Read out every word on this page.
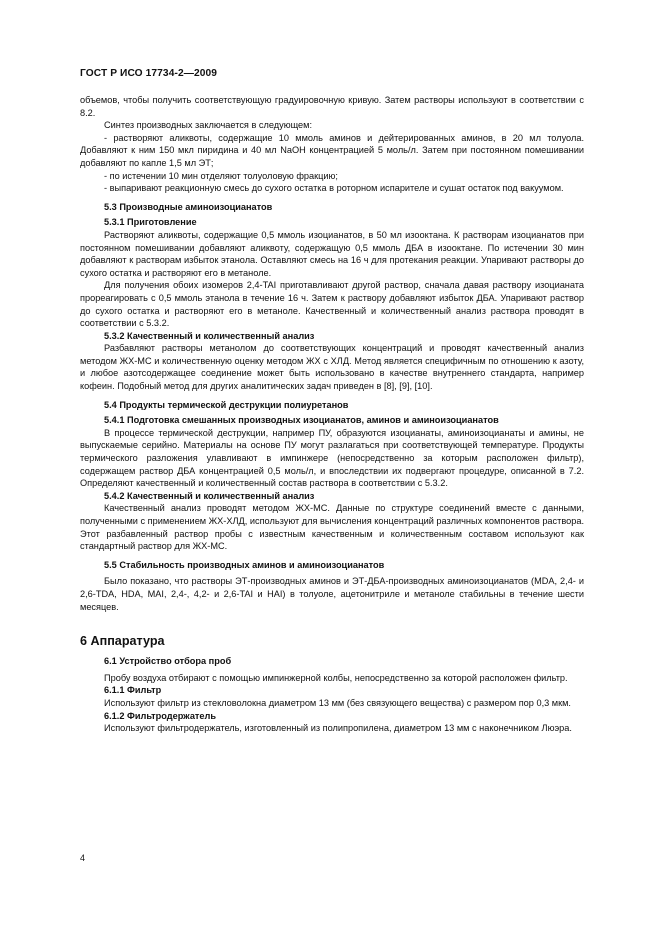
ГОСТ Р ИСО 17734-2—2009

объемов, чтобы получить соответствующую градуировочную кривую. Затем растворы используют в соответствии с 8.2.

Синтез производных заключается в следующем:

- растворяют аликвоты, содержащие 10 ммоль аминов и дейтерированных аминов, в 20 мл толуола. Добавляют к ним 150 мкл пиридина и 40 мл NaOH концентрацией 5 моль/л. Затем при постоянном помешивании добавляют по капле 1,5 мл ЭТ;

- по истечении 10 мин отделяют толуоловую фракцию;

- выпаривают реакционную смесь до сухого остатка в роторном испарителе и сушат остаток под вакуумом.

5.3 Производные аминоизоцианатов

5.3.1 Приготовление

Растворяют аликвоты, содержащие 0,5 ммоль изоцианатов, в 50 мл изооктана. К растворам изоцианатов при постоянном помешивании добавляют аликвоту, содержащую 0,5 ммоль ДБА в изооктане. По истечении 30 мин добавляют к растворам избыток этанола. Оставляют смесь на 16 ч для протекания реакции. Упаривают растворы до сухого остатка и растворяют его в метаноле.

Для получения обоих изомеров 2,4-TAI приготавливают другой раствор, сначала давая раствору изоцианата прореагировать с 0,5 ммоль этанола в течение 16 ч. Затем к раствору добавляют избыток ДБА. Упаривают раствор до сухого остатка и растворяют его в метаноле. Качественный и количественный анализ раствора проводят в соответствии с 5.3.2.

5.3.2 Качественный и количественный анализ

Разбавляют растворы метанолом до соответствующих концентраций и проводят качественный анализ методом ЖХ-МС и количественную оценку методом ЖХ с ХЛД. Метод является специфичным по отношению к азоту, и любое азотсодержащее соединение может быть использовано в качестве внутреннего стандарта, например кофеин. Подобный метод для других аналитических задач приведен в [8], [9], [10].

5.4 Продукты термической деструкции полиуретанов

5.4.1 Подготовка смешанных производных изоцианатов, аминов и аминоизоцианатов

В процессе термической деструкции, например ПУ, образуются изоцианаты, аминоизоцианаты и амины, не выпускаемые серийно. Материалы на основе ПУ могут разлагаться при соответствующей температуре. Продукты термического разложения улавливают в импинжере (непосредственно за которым расположен фильтр), содержащем раствор ДБА концентрацией 0,5 моль/л, и впоследствии их подвергают процедуре, описанной в 7.2. Определяют качественный и количественный состав раствора в соответствии с 5.3.2.

5.4.2 Качественный и количественный анализ

Качественный анализ проводят методом ЖХ-МС. Данные по структуре соединений вместе с данными, полученными с применением ЖХ-ХЛД, используют для вычисления концентраций различных компонентов раствора. Этот разбавленный раствор пробы с известным качественным и количественным составом используют как стандартный раствор для ЖХ-МС.

5.5 Стабильность производных аминов и аминоизоцианатов

Было показано, что растворы ЭТ-производных аминов и ЭТ-ДБА-производных аминоизоцианатов (MDA, 2,4- и 2,6-TDA, HDA, MAI, 2,4-, 4,2- и 2,6-TAI и HAI) в толуоле, ацетонитриле и метаноле стабильны в течение шести месяцев.

6 Аппаратура

6.1 Устройство отбора проб

Пробу воздуха отбирают с помощью импинжерной колбы, непосредственно за которой расположен фильтр.

6.1.1 Фильтр

Используют фильтр из стекловолокна диаметром 13 мм (без связующего вещества) с размером пор 0,3 мкм.

6.1.2 Фильтродержатель

Используют фильтродержатель, изготовленный из полипропилена, диаметром 13 мм с наконечником Люэра.

4
